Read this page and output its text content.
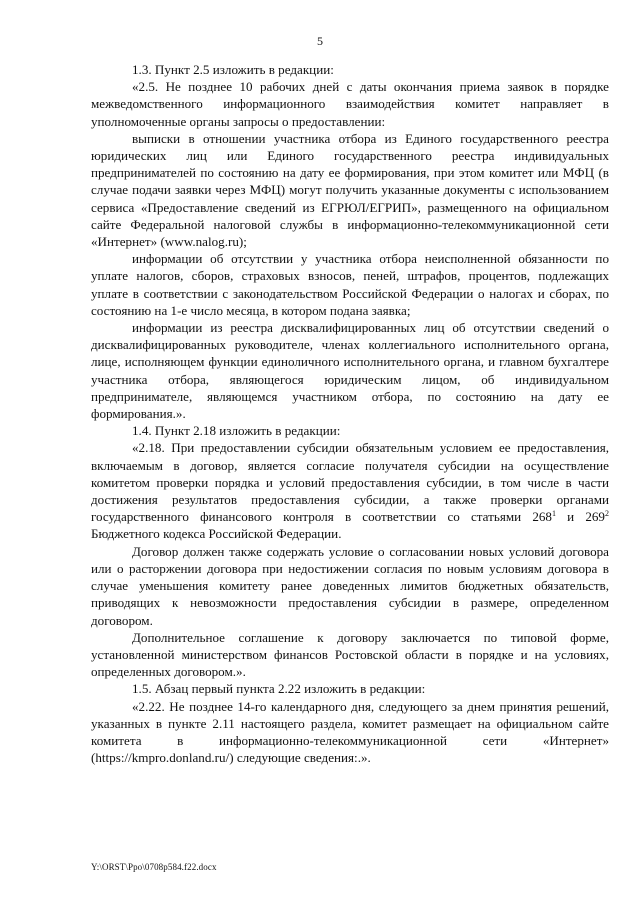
5

1.3. Пункт 2.5 изложить в редакции:

«2.5. Не позднее 10 рабочих дней с даты окончания приема заявок в порядке межведомственного информационного взаимодействия комитет направляет в уполномоченные органы запросы о предоставлении:

выписки в отношении участника отбора из Единого государственного реестра юридических лиц или Единого государственного реестра индивидуальных предпринимателей по состоянию на дату ее формирования, при этом комитет или МФЦ (в случае подачи заявки через МФЦ) могут получить указанные документы с использованием сервиса «Предоставление сведений из ЕГРЮЛ/ЕГРИП», размещенного на официальном сайте Федеральной налоговой службы в информационно-телекоммуникационной сети «Интернет» (www.nalog.ru);

информации об отсутствии у участника отбора неисполненной обязанности по уплате налогов, сборов, страховых взносов, пеней, штрафов, процентов, подлежащих уплате в соответствии с законодательством Российской Федерации о налогах и сборах, по состоянию на 1-е число месяца, в котором подана заявка;

информации из реестра дисквалифицированных лиц об отсутствии сведений о дисквалифицированных руководителе, членах коллегиального исполнительного органа, лице, исполняющем функции единоличного исполнительного органа, и главном бухгалтере участника отбора, являющегося юридическим лицом, об индивидуальном предпринимателе, являющемся участником отбора, по состоянию на дату ее формирования.».

1.4. Пункт 2.18 изложить в редакции:

«2.18. При предоставлении субсидии обязательным условием ее предоставления, включаемым в договор, является согласие получателя субсидии на осуществление комитетом проверки порядка и условий предоставления субсидии, в том числе в части достижения результатов предоставления субсидии, а также проверки органами государственного финансового контроля в соответствии со статьями $268^1$ и $269^2$ Бюджетного кодекса Российской Федерации.

Договор должен также содержать условие о согласовании новых условий договора или о расторжении договора при недостижении согласия по новым условиям договора в случае уменьшения комитету ранее доведенных лимитов бюджетных обязательств, приводящих к невозможности предоставления субсидии в размере, определенном договором.

Дополнительное соглашение к договору заключается по типовой форме, установленной министерством финансов Ростовской области в порядке и на условиях, определенных договором.».

1.5. Абзац первый пункта 2.22 изложить в редакции:

«2.22. Не позднее 14-го календарного дня, следующего за днем принятия решений, указанных в пункте 2.11 настоящего раздела, комитет размещает на официальном сайте комитета в информационно-телекоммуникационной сети «Интернет» (https://kmpro.donland.ru/) следующие сведения:.».

Y:\ORST\Ppo\0708p584.f22.docx
